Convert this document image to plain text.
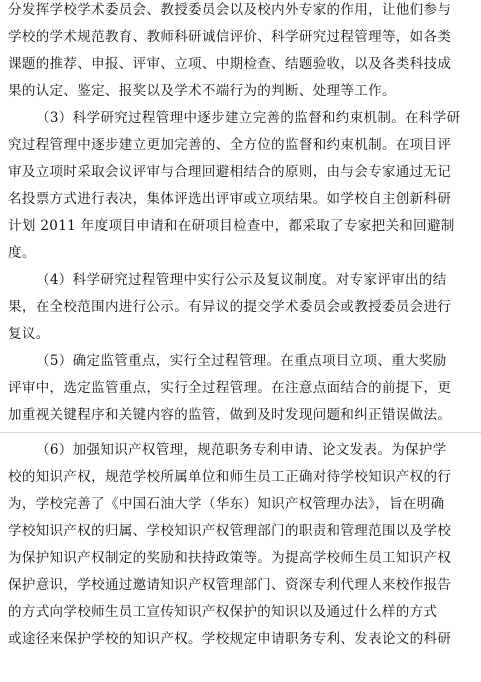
分发挥学校学术委员会、教授委员会以及校内外专家的作用，让他们参与
学校的学术规范教育、教师科研诚信评价、科学研究过程管理等，如各类
课题的推荐、申报、评审、立项、中期检查、结题验收，以及各类科技成
果的认定、鉴定、报奖以及学术不端行为的判断、处理等工作。
（3）科学研究过程管理中逐步建立完善的监督和约束机制。在科学研
究过程管理中逐步建立更加完善的、全方位的监督和约束机制。在项目评
审及立项时采取会议评审与合理回避相结合的原则，由与会专家通过无记
名投票方式进行表决，集体评选出评审或立项结果。如学校自主创新科研
计划 2011 年度项目申请和在研项目检查中，都采取了专家把关和回避制
度。
（4）科学研究过程管理中实行公示及复议制度。对专家评审出的结
果，在全校范围内进行公示。有异议的提交学术委员会或教授委员会进行
复议。
（5）确定监管重点，实行全过程管理。在重点项目立项、重大奖励
评审中，选定监管重点，实行全过程管理。在注意点面结合的前提下，更
加重视关键程序和关键内容的监管，做到及时发现问题和纠正错误做法。
（6）加强知识产权管理，规范职务专利申请、论文发表。为保护学
校的知识产权，规范学校所属单位和师生员工正确对待学校知识产权的行
为，学校完善了《中国石油大学（华东）知识产权管理办法》，旨在明确
学校知识产权的归属、学校知识产权管理部门的职责和管理范围以及学校
为保护知识产权制定的奖励和扶持政策等。为提高学校师生员工知识产权
保护意识，学校通过邀请知识产权管理部门、资深专利代理人来校作报告
的方式向学校师生员工宣传知识产权保护的知识以及通过什么样的方式
或途径来保护学校的知识产权。学校规定申请职务专利、发表论文的科研
